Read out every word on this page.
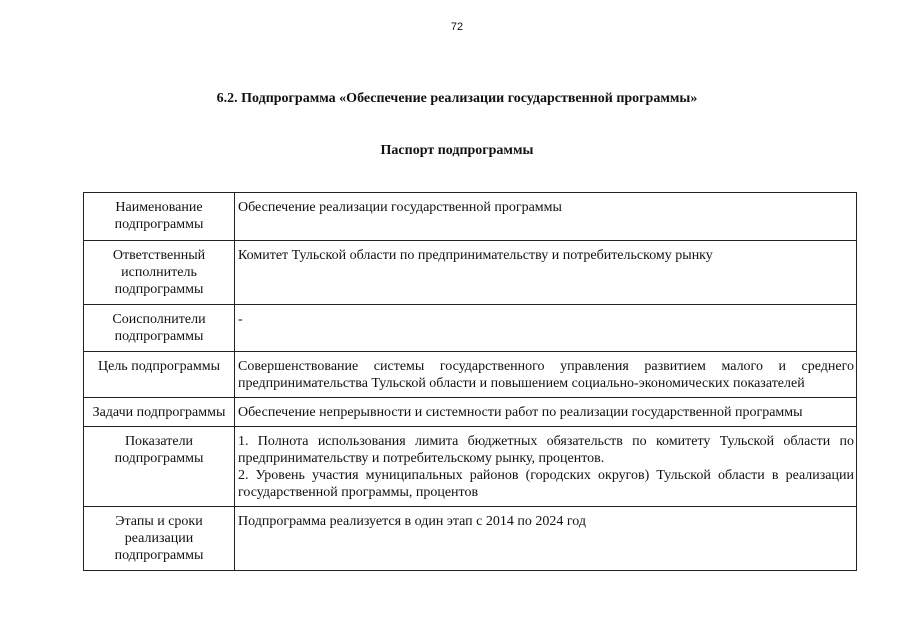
72
6.2. Подпрограмма «Обеспечение реализации государственной программы»
Паспорт подпрограммы
Наименование подпрограммы	Обеспечение реализации государственной программы
Ответственный исполнитель подпрограммы	Комитет Тульской области по предпринимательству и потребительскому рынку
Соисполнители подпрограммы	-
Цель подпрограммы	Совершенствование системы государственного управления развитием малого и среднего предпринимательства Тульской области и повышением социально-экономических показателей
Задачи подпрограммы	Обеспечение непрерывности и системности работ по реализации государственной программы
Показатели подпрограммы	1. Полнота использования лимита бюджетных обязательств по комитету Тульской области по предпринимательству и потребительскому рынку, процентов.
2. Уровень участия муниципальных районов (городских округов) Тульской области в реализации государственной программы, процентов

Этапы и сроки реализации подпрограммы	Подпрограмма реализуется в один этап с 2014 по 2024 год
